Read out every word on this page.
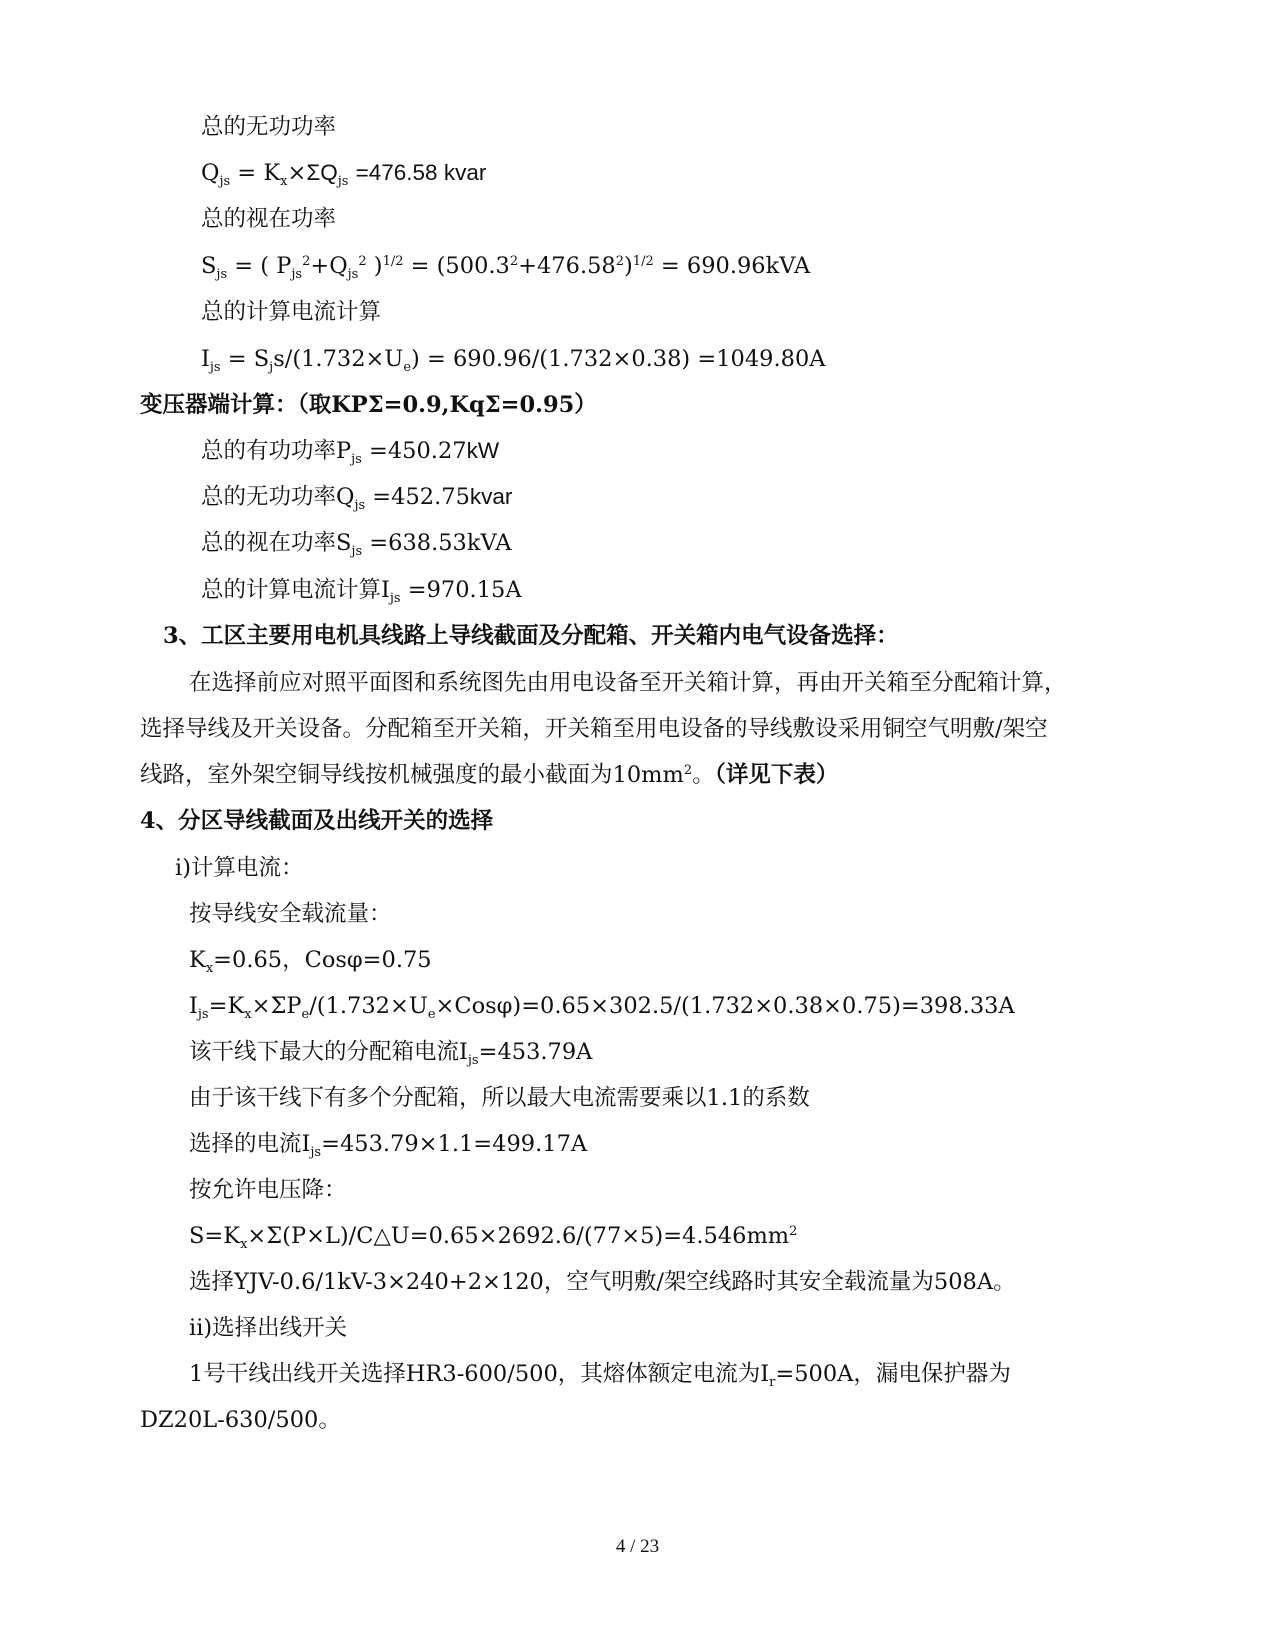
总的无功功率
$Q_{js} = K_x\times\Sigma Q_{js} =476.58$ kvar
总的视在功率
$S_{js}$ = ( $P_{js}^2+Q_{js}^2$ )$^{1/2} = (500.3^2+476.58^2)^{1/2} = 690.96kVA$
总的计算电流计算
$I_{js} = S_js/(1.732\times U_e) = 690.96/(1.732\times 0.38) =1049.80A$
变压器端计算：（取KPΣ=0.9,KqΣ=0.95）
总的有功功率$P_{js} =450.27kW$
总的无功功率$Q_{js}$ =452.75kvar
总的视在功率$S_{js} =638.53kVA$
总的计算电流计算$I_{js} =970.15A$
3、工区主要用电机具线路上导线截面及分配箱、开关箱内电气设备选择：
在选择前应对照平面图和系统图先由用电设备至开关箱计算，再由开关箱至分配箱计算，
选择导线及开关设备。分配箱至开关箱，开关箱至用电设备的导线敷设采用铜空气明敷/架空
线路，室外架空铜导线按机械强度的最小截面为$10mm^2$。（详见下表）
4、分区导线截面及出线开关的选择
i)计算电流：
按导线安全载流量：
$K_x=0.65$，Cosφ=0.75
$I_{js}=K_x\times\Sigma P_e/(1.732\times U_e\times Cos\varphi)=0.65\times 302.5/(1.732\times 0.38\times 0.75)=398.33A$
该干线下最大的分配箱电流$I_{js}=453.79A$
由于该干线下有多个分配箱，所以最大电流需要乘以1.1的系数
选择的电流$I_{js}=453.79\times 1.1=499.17A$
按允许电压降：
$S=K_x\times\Sigma(P\times L)/C\triangle U=0.65\times 2692.6/(77\times 5)=4.546mm^2$
选择YJV-0.6/1kV-3×240+2×120，空气明敷/架空线路时其安全载流量为508A。
ii)选择出线开关
1号干线出线开关选择HR3-600/500，其熔体额定电流为$I_r=500A$，漏电保护器为
DZ20L-630/500。
4 / 23
